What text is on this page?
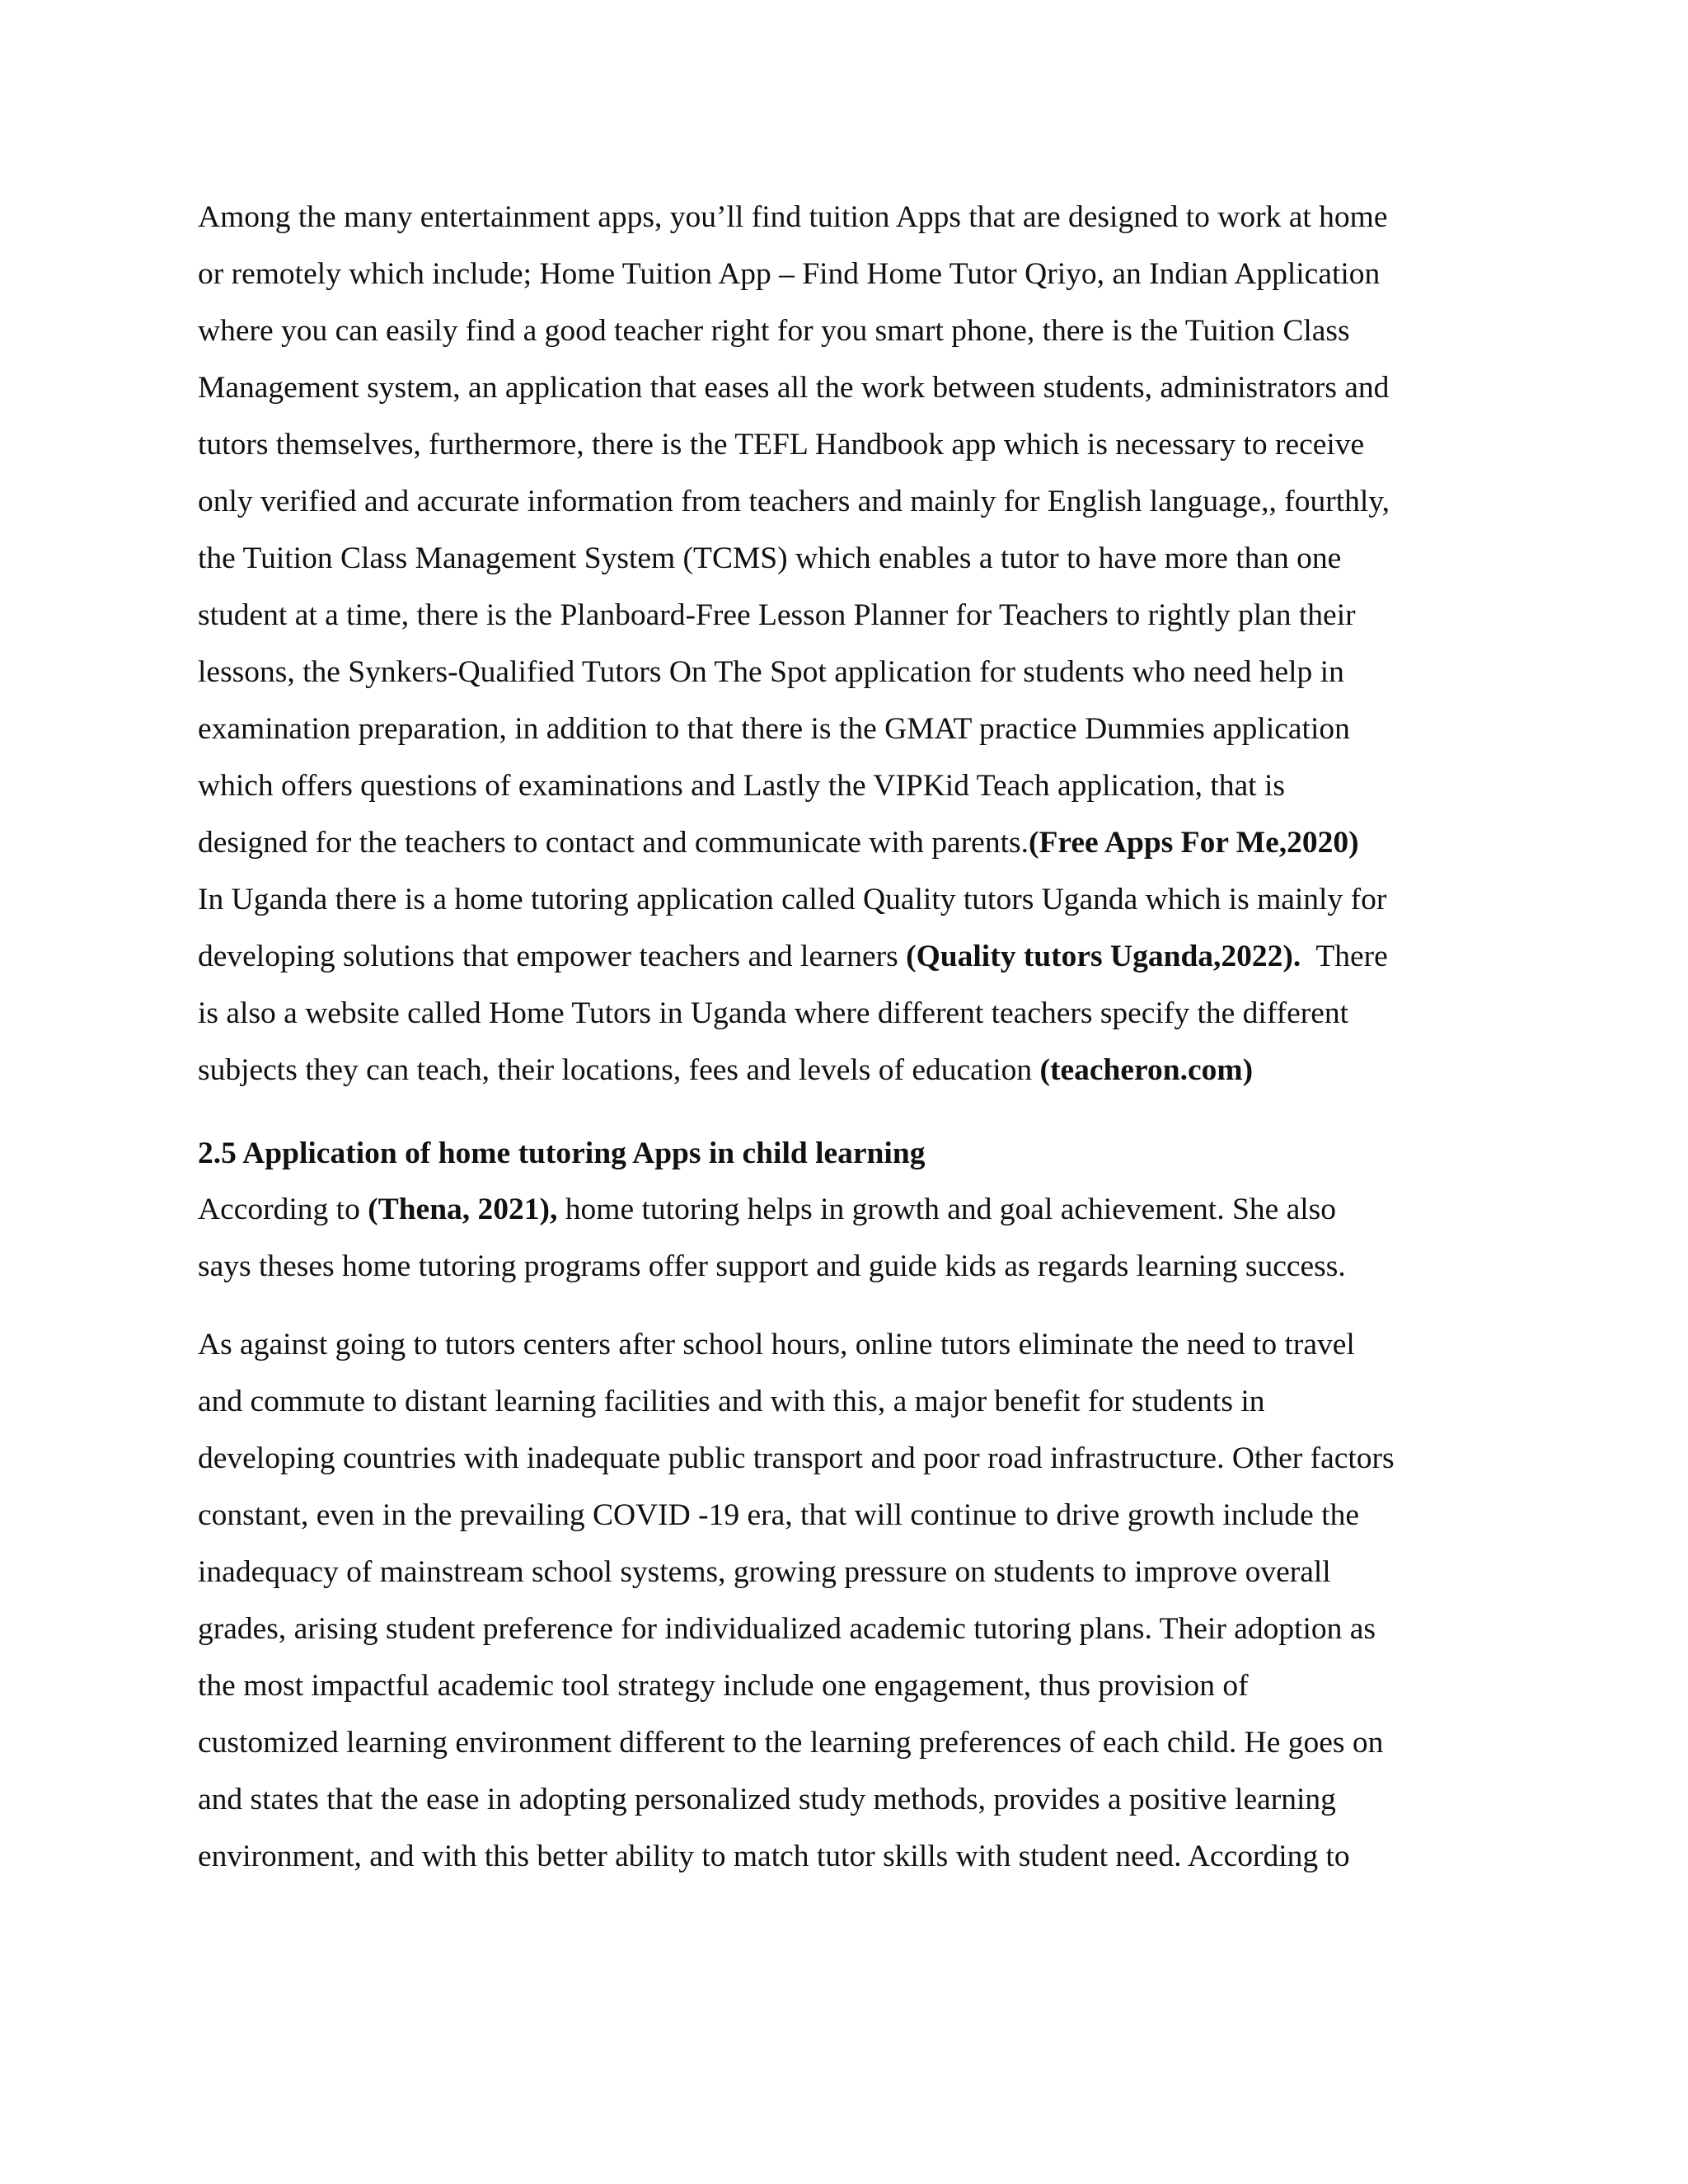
Among the many entertainment apps, you’ll find tuition Apps that are designed to work at home
or remotely which include; Home Tuition App – Find Home Tutor Qriyo, an Indian Application
where you can easily find a good teacher right for you smart phone, there is the Tuition Class
Management system, an application that eases all the work between students, administrators and
tutors themselves, furthermore, there is the TEFL Handbook app which is necessary to receive
only verified and accurate information from teachers and mainly for English language,, fourthly,
the Tuition Class Management System (TCMS) which enables a tutor to have more than one
student at a time, there is the Planboard-Free Lesson Planner for Teachers to rightly plan their
lessons, the Synkers-Qualified Tutors On The Spot application for students who need help in
examination preparation, in addition to that there is the GMAT practice Dummies application
which offers questions of examinations and Lastly the VIPKid Teach application, that is
designed for the teachers to contact and communicate with parents.(Free Apps For Me,2020)
In Uganda there is a home tutoring application called Quality tutors Uganda which is mainly for
developing solutions that empower teachers and learners (Quality tutors Uganda,2022).  There
is also a website called Home Tutors in Uganda where different teachers specify the different
subjects they can teach, their locations, fees and levels of education (teacheron.com)
2.5 Application of home tutoring Apps in child learning
According to (Thena, 2021), home tutoring helps in growth and goal achievement. She also
says theses home tutoring programs offer support and guide kids as regards learning success.
As against going to tutors centers after school hours, online tutors eliminate the need to travel
and commute to distant learning facilities and with this, a major benefit for students in
developing countries with inadequate public transport and poor road infrastructure. Other factors
constant, even in the prevailing COVID -19 era, that will continue to drive growth include the
inadequacy of mainstream school systems, growing pressure on students to improve overall
grades, arising student preference for individualized academic tutoring plans. Their adoption as
the most impactful academic tool strategy include one engagement, thus provision of
customized learning environment different to the learning preferences of each child. He goes on
and states that the ease in adopting personalized study methods, provides a positive learning
environment, and with this better ability to match tutor skills with student need. According to
